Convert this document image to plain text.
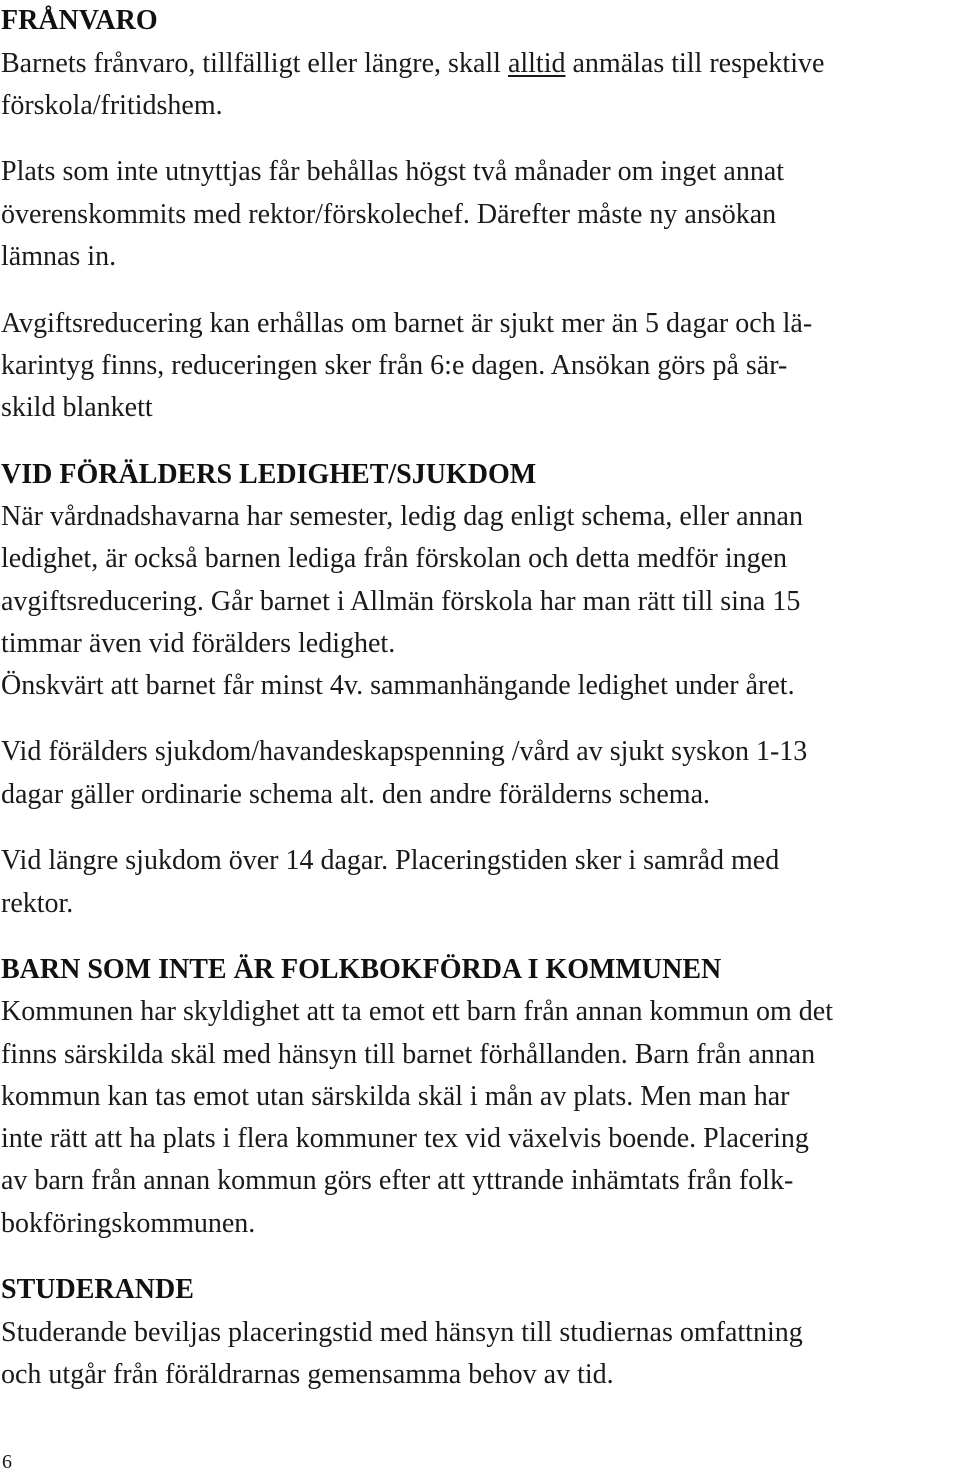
FRÅNVARO
Barnets frånvaro, tillfälligt eller längre, skall alltid anmälas till respektive
förskola/fritidshem.
Plats som inte utnyttjas får behållas högst två månader om inget annat
överenskommits med rektor/förskolechef. Därefter måste ny ansökan
lämnas in.
Avgiftsreducering kan erhållas om barnet är sjukt mer än 5 dagar och lä-
karintyg finns, reduceringen sker från 6:e dagen. Ansökan görs på sär-
skild blankett
VID FÖRÄLDERS LEDIGHET/SJUKDOM
När vårdnadshavarna har semester, ledig dag enligt schema, eller annan
ledighet, är också barnen lediga från förskolan och detta medför ingen
avgiftsreducering. Går barnet i Allmän förskola har man rätt till sina 15
timmar även vid förälders ledighet.
Önskvärt att barnet får minst 4v. sammanhängande ledighet under året.
Vid förälders sjukdom/havandeskapspenning /vård av sjukt syskon 1-13
dagar gäller ordinarie schema alt. den andre förälderns schema.
Vid längre sjukdom över 14 dagar. Placeringstiden sker i samråd med
rektor.
BARN SOM INTE ÄR FOLKBOKFÖRDA I KOMMUNEN
Kommunen har skyldighet att ta emot ett barn från annan kommun om det
finns särskilda skäl med hänsyn till barnet förhållanden. Barn från annan
kommun kan tas emot utan särskilda skäl i mån av plats. Men man har
inte rätt att ha plats i flera kommuner tex vid växelvis boende. Placering
av barn från annan kommun görs efter att yttrande inhämtats från folk-
bokföringskommunen.
STUDERANDE
Studerande beviljas placeringstid med hänsyn till studiernas omfattning
och utgår från föräldrarnas gemensamma behov av tid.
6
